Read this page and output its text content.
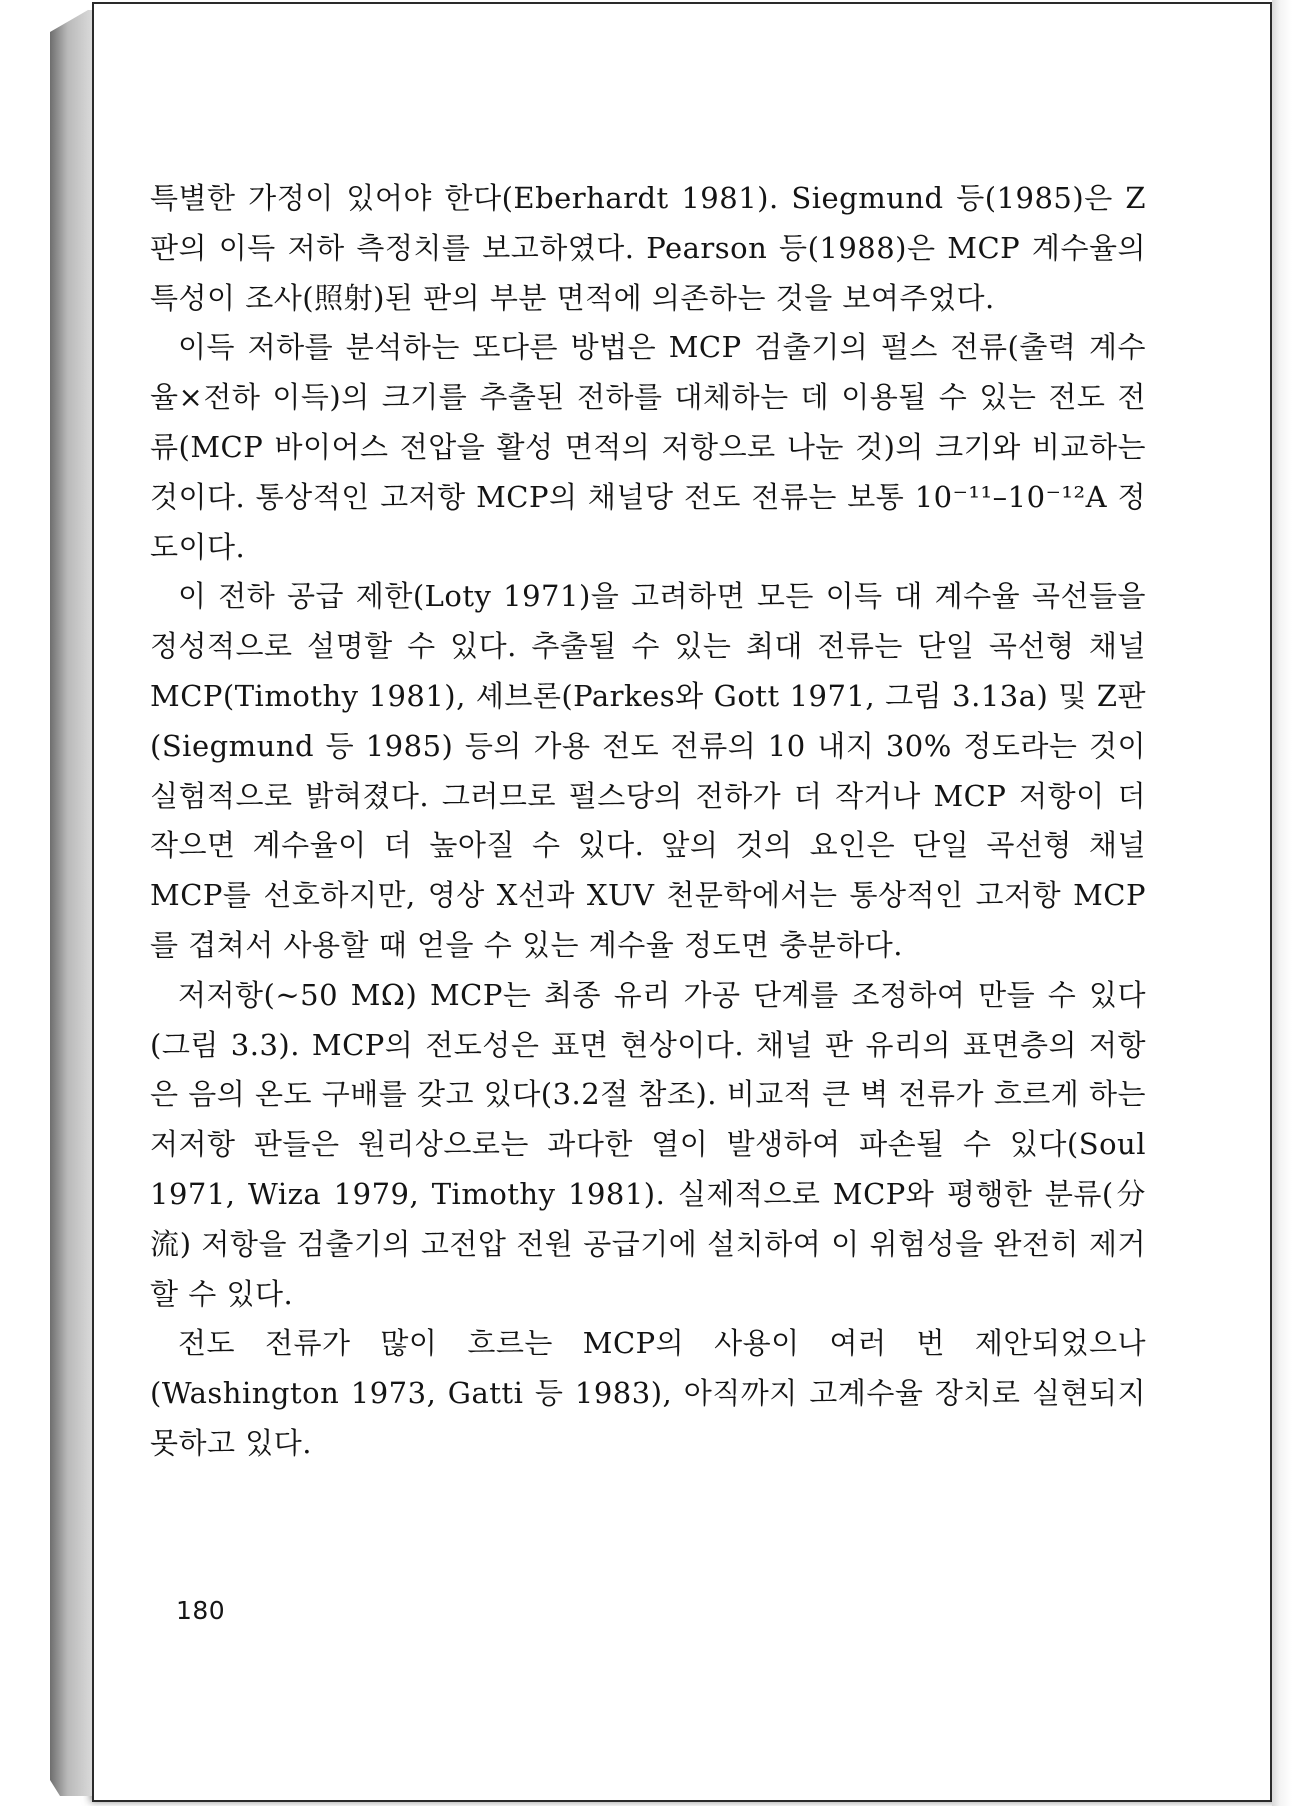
특별한 가정이 있어야 한다(Eberhardt 1981). Siegmund 등(1985)은 Z판의 이득 저하 측정치를 보고하였다. Pearson 등(1988)은 MCP 계수율의 특성이 조사(照射)된 판의 부분 면적에 의존하는 것을 보여주었다.

이득 저하를 분석하는 또다른 방법은 MCP 검출기의 펄스 전류(출력 계수율×전하 이득)의 크기를 추출된 전하를 대체하는 데 이용될 수 있는 전도 전류(MCP 바이어스 전압을 활성 면적의 저항으로 나눈 것)의 크기와 비교하는 것이다. 통상적인 고저항 MCP의 채널당 전도 전류는 보통 10⁻¹¹–10⁻¹²A 정도이다.

이 전하 공급 제한(Loty 1971)을 고려하면 모든 이득 대 계수율 곡선들을 정성적으로 설명할 수 있다. 추출될 수 있는 최대 전류는 단일 곡선형 채널 MCP(Timothy 1981), 셰브론(Parkes와 Gott 1971, 그림 3.13a) 및 Z판(Siegmund 등 1985) 등의 가용 전도 전류의 10 내지 30% 정도라는 것이 실험적으로 밝혀졌다. 그러므로 펄스당의 전하가 더 작거나 MCP 저항이 더 작으면 계수율이 더 높아질 수 있다. 앞의 것의 요인은 단일 곡선형 채널 MCP를 선호하지만, 영상 X선과 XUV 천문학에서는 통상적인 고저항 MCP를 겹쳐서 사용할 때 얻을 수 있는 계수율 정도면 충분하다.

저저항(~50 MΩ) MCP는 최종 유리 가공 단계를 조정하여 만들 수 있다(그림 3.3). MCP의 전도성은 표면 현상이다. 채널 판 유리의 표면층의 저항은 음의 온도 구배를 갖고 있다(3.2절 참조). 비교적 큰 벽 전류가 흐르게 하는 저저항 판들은 원리상으로는 과다한 열이 발생하여 파손될 수 있다(Soul 1971, Wiza 1979, Timothy 1981). 실제적으로 MCP와 평행한 분류(分流) 저항을 검출기의 고전압 전원 공급기에 설치하여 이 위험성을 완전히 제거할 수 있다.

전도 전류가 많이 흐르는 MCP의 사용이 여러 번 제안되었으나(Washington 1973, Gatti 등 1983), 아직까지 고계수율 장치로 실현되지 못하고 있다.

180
